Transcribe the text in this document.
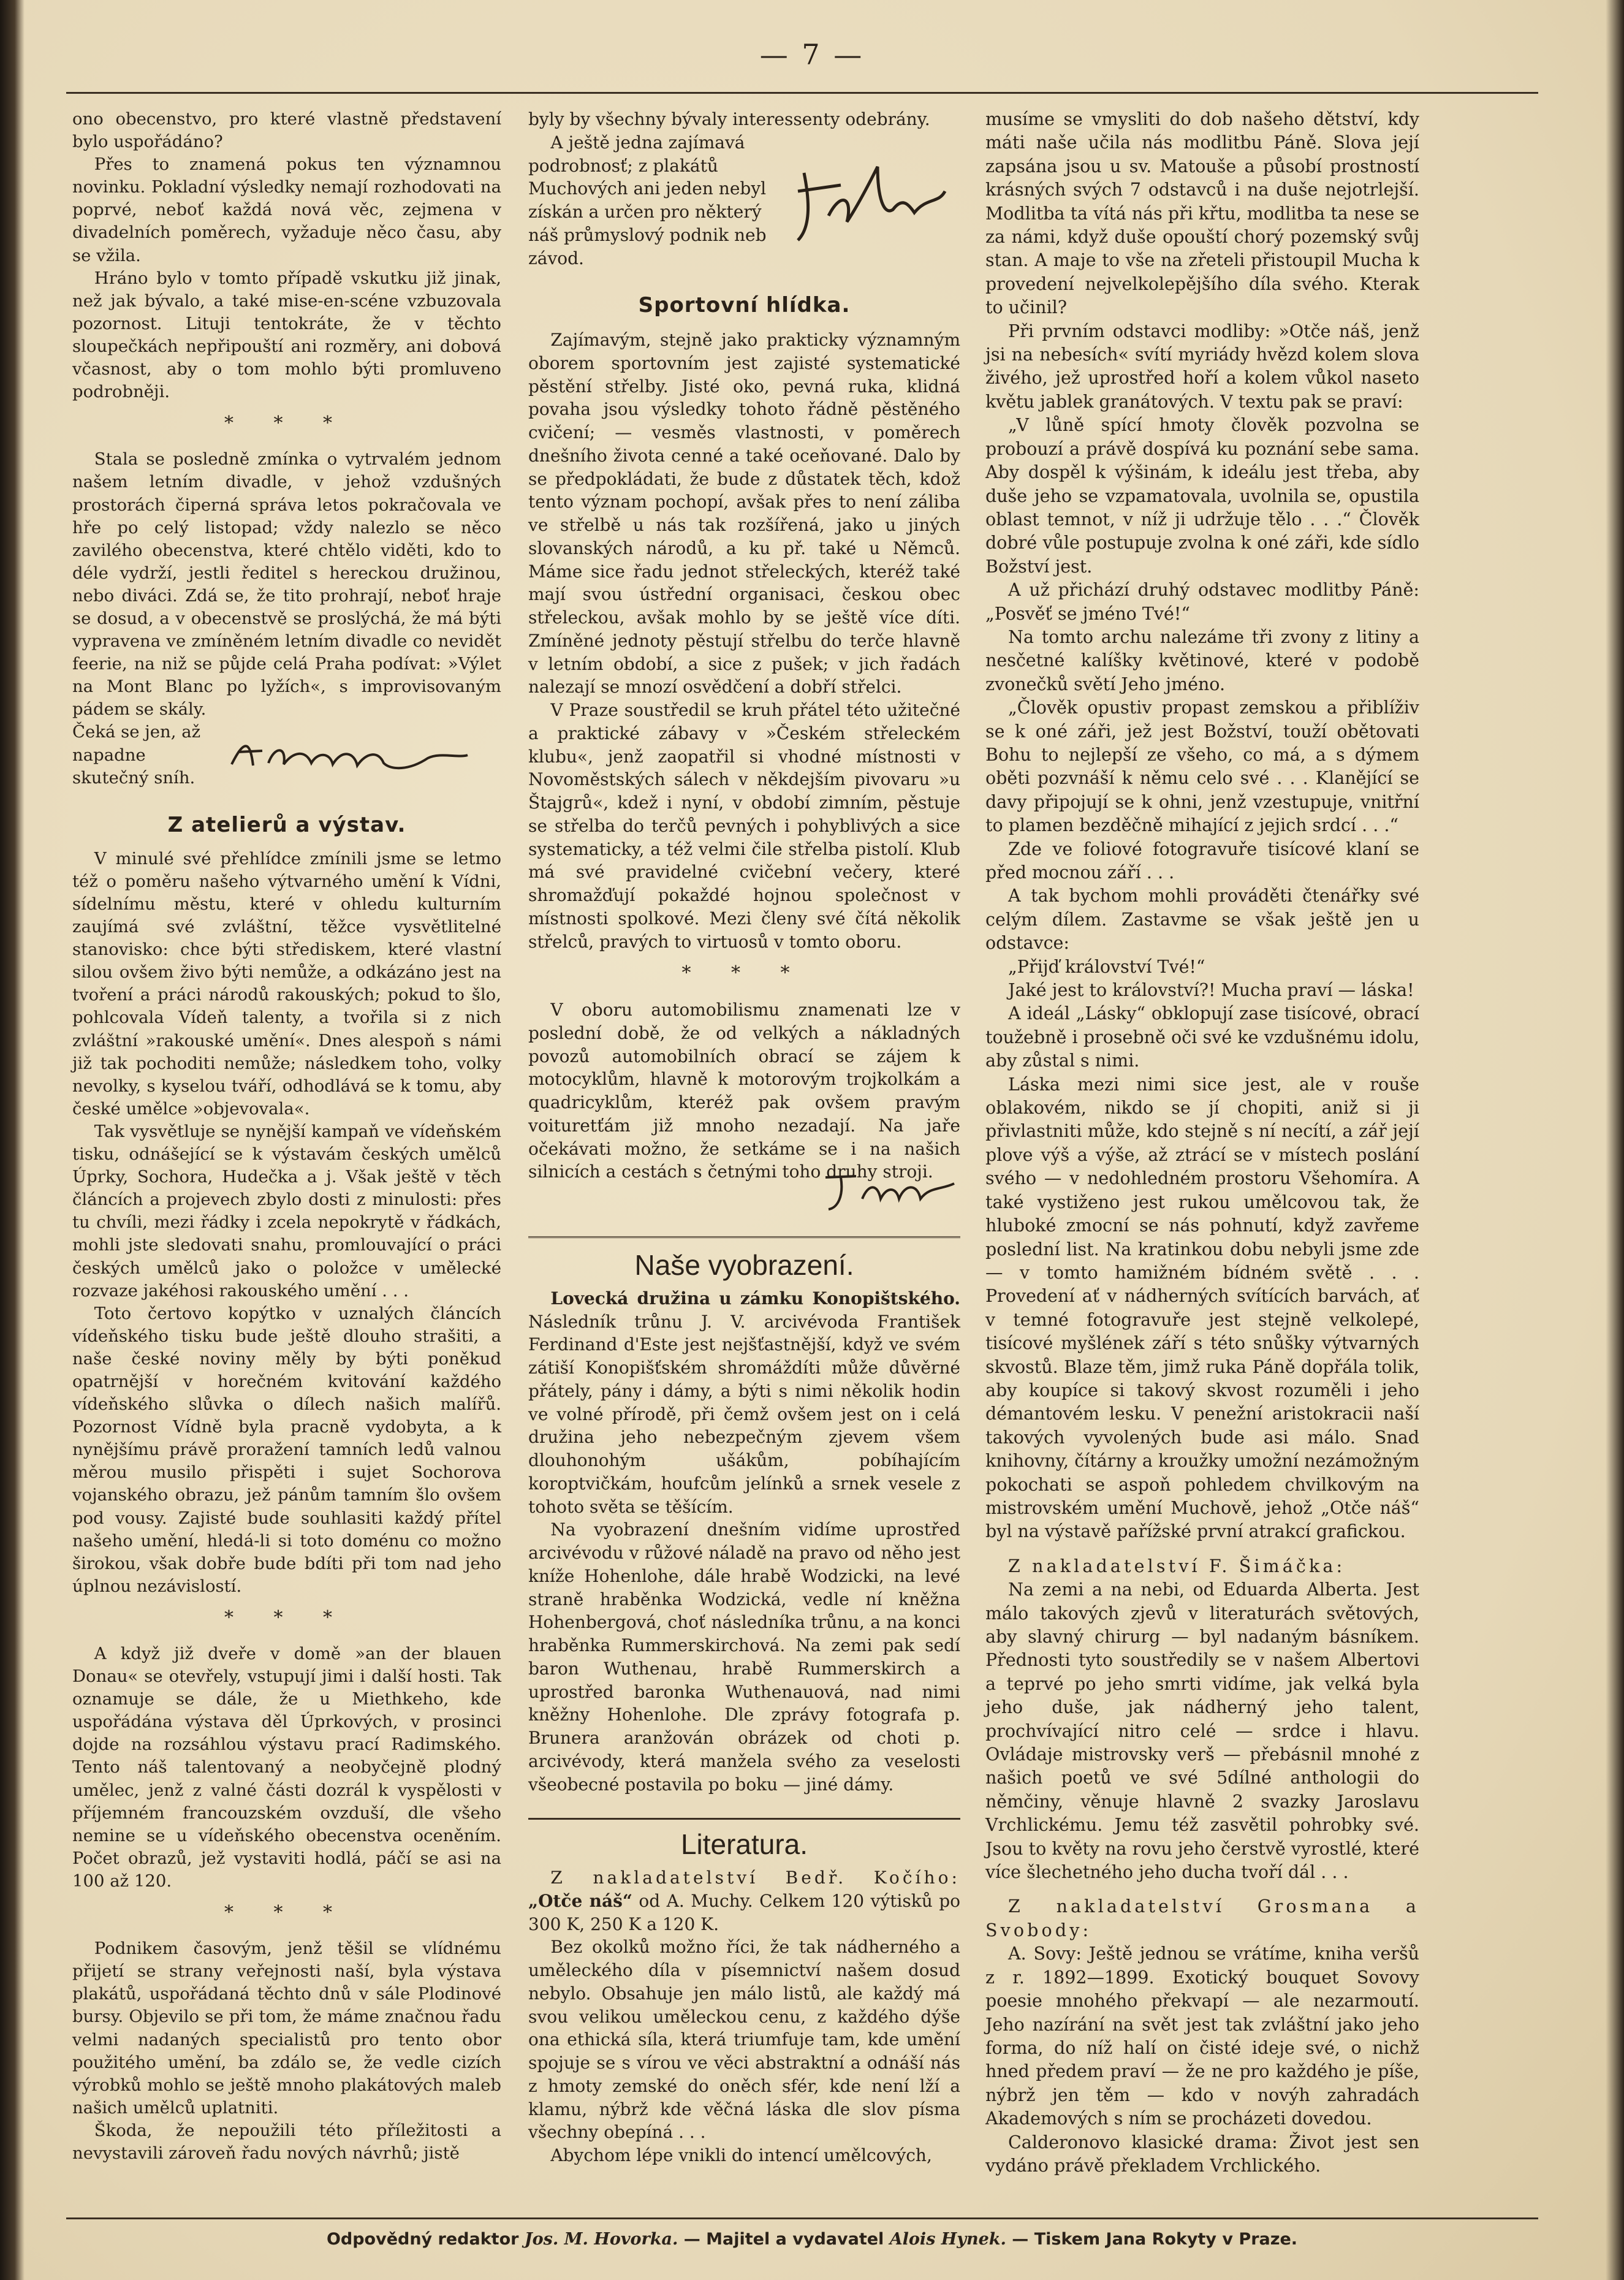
— 7 —

ono obecenstvo, pro které vlastně představení bylo uspořádáno?

Přes to znamená pokus ten významnou novinku. Pokladní výsledky nemají rozhodovati na poprvé, neboť každá nová věc, zejmena v divadelních poměrech, vyžaduje něco času, aby se vžila.

Hráno bylo v tomto případě vskutku již jinak, než jak bývalo, a také mise-en-scéne vzbuzovala pozornost. Lituji tentokráte, že v těchto sloupečkách nepřipouští ani rozměry, ani dobová včasnost, aby o tom mohlo býti promluveno podrobněji.

* * *

Stala se posledně zmínka o vytrvalém jednom našem letním divadle, v jehož vzdušných prostorách čiperná správa letos pokračovala ve hře po celý listopad; vždy nalezlo se něco zavilého obecenstva, které chtělo viděti, kdo to déle vydrží, jestli ředitel s hereckou družinou, nebo diváci. Zdá se, že tito prohrají, neboť hraje se dosud, a v obecenstvě se proslýchá, že má býti vypravena ve zmíněném letním divadle co nevidět feerie, na niž se půjde celá Praha podívat: »Výlet na Mont Blanc po lyžích«, s improvisovaným pádem se skály.

Čeká se jen, až napadne skutečný sníh.

Z atelierů a výstav.

V minulé své přehlídce zmínili jsme se letmo též o poměru našeho výtvarného umění k Vídni, sídelnímu městu, které v ohledu kulturním zaujímá své zvláštní, těžce vysvětlitelné stanovisko: chce býti střediskem, které vlastní silou ovšem živo býti nemůže, a odkázáno jest na tvoření a práci národů rakouských; pokud to šlo, pohlcovala Vídeň talenty, a tvořila si z nich zvláštní »rakouské umění«. Dnes alespoň s námi již tak pochoditi nemůže; následkem toho, volky nevolky, s kyselou tváří, odhodlává se k tomu, aby české umělce »objevovala«.

Tak vysvětluje se nynější kampaň ve vídeňském tisku, odnášející se k výstavám českých umělců Úprky, Sochora, Hudečka a j. Však ještě v těch článcích a projevech zbylo dosti z minulosti: přes tu chvíli, mezi řádky i zcela nepokrytě v řádkách, mohli jste sledovati snahu, promlouvající o práci českých umělců jako o položce v umělecké rozvaze jakéhosi rakouského umění . . .

Toto čertovo kopýtko v uznalých článcích vídeňského tisku bude ještě dlouho strašiti, a naše české noviny měly by býti poněkud opatrnější v horečném kvitování každého vídeňského slůvka o dílech našich malířů. Pozornost Vídně byla pracně vydobyta, a k nynějšímu právě proražení tamních ledů valnou měrou musilo přispěti i sujet Sochorova vojanského obrazu, jež pánům tamním šlo ovšem pod vousy. Zajisté bude souhlasiti každý přítel našeho umění, hledá-li si toto doménu co možno širokou, však dobře bude bdíti při tom nad jeho úplnou nezávislostí.

* * *

A když již dveře v domě »an der blauen Donau« se otevřely, vstupují jimi i další hosti. Tak oznamuje se dále, že u Miethkeho, kde uspořádána výstava děl Úprkových, v prosinci dojde na rozsáhlou výstavu prací Radimského. Tento náš talentovaný a neobyčejně plodný umělec, jenž z valné části dozrál k vyspělosti v příjemném francouzském ovzduší, dle všeho nemine se u vídeňského obecenstva oceněním. Počet obrazů, jež vystaviti hodlá, páčí se asi na 100 až 120.

* * *

Podnikem časovým, jenž těšil se vlídnému přijetí se strany veřejnosti naší, byla výstava plakátů, uspořádaná těchto dnů v sále Plodinové bursy. Objevilo se při tom, že máme značnou řadu velmi nadaných specialistů pro tento obor použitého umění, ba zdálo se, že vedle cizích výrobků mohlo se ještě mnoho plakátových maleb našich umělců uplatniti.

Škoda, že nepoužili této příležitosti a nevystavili zároveň řadu nových návrhů; jistě

byly by všechny bývaly interessenty odebrány.

A ještě jedna zajímavá podrobnosť; z plakátů Muchových ani jeden nebyl získán a určen pro některý náš průmyslový podnik neb závod.

Sportovní hlídka.

Zajímavým, stejně jako prakticky významným oborem sportovním jest zajisté systematické pěstění střelby. Jisté oko, pevná ruka, klidná povaha jsou výsledky tohoto řádně pěstěného cvičení; — vesměs vlastnosti, v poměrech dnešního života cenné a také oceňované. Dalo by se předpokládati, že bude z důstatek těch, kdož tento význam pochopí, avšak přes to není záliba ve střelbě u nás tak rozšířená, jako u jiných slovanských národů, a ku př. také u Němců. Máme sice řadu jednot střeleckých, kteréž také mají svou ústřední organisaci, českou obec střeleckou, avšak mohlo by se ještě více díti. Zmíněné jednoty pěstují střelbu do terče hlavně v letním období, a sice z pušek; v jich řadách nalezají se mnozí osvědčení a dobří střelci.

V Praze soustředil se kruh přátel této užitečné a praktické zábavy v »Českém střeleckém klubu«, jenž zaopatřil si vhodné místnosti v Novoměstských sálech v někdejším pivovaru »u Štajgrů«, kdež i nyní, v období zimním, pěstuje se střelba do terčů pevných i pohyblivých a sice systematicky, a též velmi čile střelba pistolí. Klub má své pravidelné cvičební večery, které shromažďují pokaždé hojnou společnost v místnosti spolkové. Mezi členy své čítá několik střelců, pravých to virtuosů v tomto oboru.

* * *

V oboru automobilismu znamenati lze v poslední době, že od velkých a nákladných povozů automobilních obrací se zájem k motocyklům, hlavně k motorovým trojkolkám a quadricyklům, kteréž pak ovšem pravým voituretťám již mnoho nezadají. Na jaře očekávati možno, že setkáme se i na našich silnicích a cestách s četnými toho druhy stroji.

Naše vyobrazení.

Lovecká družina u zámku Konopištského. Následník trůnu J. V. arcivévoda František Ferdinand d'Este jest nejšťastnější, když ve svém zátiší Konopišťském shromáždíti může důvěrné přátely, pány i dámy, a býti s nimi několik hodin ve volné přírodě, při čemž ovšem jest on i celá družina jeho nebezpečným zjevem všem dlouhonohým ušákům, pobíhajícím koroptvičkám, houfcům jelínků a srnek vesele z tohoto světa se těšícím.

Na vyobrazení dnešním vidíme uprostřed arcivévodu v růžové náladě na pravo od něho jest kníže Hohenlohe, dále hrabě Wodzicki, na levé straně hraběnka Wodzická, vedle ní kněžna Hohenbergová, choť následníka trůnu, a na konci hraběnka Rummerskirchová. Na zemi pak sedí baron Wuthenau, hrabě Rummerskirch a uprostřed baronka Wuthenauová, nad nimi kněžny Hohenlohe. Dle zprávy fotografa p. Brunera aranžován obrázek od choti p. arcivévody, která manžela svého za veselosti všeobecné postavila po boku — jiné dámy.

Literatura.

Z nakladatelství Bedř. Kočího: „Otče náš“ od A. Muchy. Celkem 120 výtisků po 300 K, 250 K a 120 K.

Bez okolků možno říci, že tak nádherného a uměleckého díla v písemnictví našem dosud nebylo. Obsahuje jen málo listů, ale každý má svou velikou uměleckou cenu, z každého dýše ona ethická síla, která triumfuje tam, kde umění spojuje se s vírou ve věci abstraktní a odnáší nás z hmoty zemské do oněch sfér, kde není lží a klamu, nýbrž kde věčná láska dle slov písma všechny obepíná . . .

Abychom lépe vnikli do intencí umělcových,

musíme se vmysliti do dob našeho dětství, kdy máti naše učila nás modlitbu Páně. Slova její zapsána jsou u sv. Matouše a působí prostností krásných svých 7 odstavců i na duše nejotrlejší. Modlitba ta vítá nás při křtu, modlitba ta nese se za námi, když duše opouští chorý pozemský svůj stan. A maje to vše na zřeteli přistoupil Mucha k provedení nejvelkolepějšího díla svého. Kterak to učinil?

Při prvním odstavci modliby: »Otče náš, jenž jsi na nebesích« svítí myriády hvězd kolem slova živého, jež uprostřed hoří a kolem vůkol naseto květu jablek granátových. V textu pak se praví:

„V lůně spící hmoty člověk pozvolna se probouzí a právě dospívá ku poznání sebe sama. Aby dospěl k výšinám, k ideálu jest třeba, aby duše jeho se vzpamatovala, uvolnila se, opustila oblast temnot, v níž ji udržuje tělo . . .“ Člověk dobré vůle postupuje zvolna k oné záři, kde sídlo Božství jest.

A už přichází druhý odstavec modlitby Páně: „Posvěť se jméno Tvé!“

Na tomto archu nalezáme tři zvony z litiny a nesčetné kalíšky květinové, které v podobě zvonečků světí Jeho jméno.

„Člověk opustiv propast zemskou a přiblíživ se k oné záři, jež jest Božství, touží obětovati Bohu to nejlepší ze všeho, co má, a s dýmem oběti pozvnáší k němu celo své . . . Klanějící se davy připojují se k ohni, jenž vzestupuje, vnitřní to plamen bezděčně mihající z jejich srdcí . . .“

Zde ve foliové fotogravuře tisícové klaní se před mocnou září . . .

A tak bychom mohli prováděti čtenářky své celým dílem. Zastavme se však ještě jen u odstavce:

„Přijď království Tvé!“

Jaké jest to království?! Mucha praví — láska!

A ideál „Lásky“ obklopují zase tisícové, obrací toužebně i prosebně oči své ke vzdušnému idolu, aby zůstal s nimi.

Láska mezi nimi sice jest, ale v rouše oblakovém, nikdo se jí chopiti, aniž si ji přivlastniti může, kdo stejně s ní necítí, a zář její plove výš a výše, až ztrácí se v místech poslání svého — v nedohledném prostoru Všehomíra. A také vystiženo jest rukou umělcovou tak, že hluboké zmocní se nás pohnutí, když zavřeme poslední list. Na kratinkou dobu nebyli jsme zde — v tomto hamižném bídném světě . . . Provedení ať v nádherných svítících barvách, ať v temné fotogravuře jest stejně velkolepé, tisícové myšlének září s této snůšky výtvarných skvostů. Blaze těm, jimž ruka Páně dopřála tolik, aby koupíce si takový skvost rozuměli i jeho démantovém lesku. V penežní aristokracii naší takových vyvolených bude asi málo. Snad knihovny, čítárny a kroužky umožní nezámožným pokochati se aspoň pohledem chvilkovým na mistrovském umění Muchově, jehož „Otče náš“ byl na výstavě pařížské první atrakcí grafickou.

Z nakladatelství F. Šimáčka:

Na zemi a na nebi, od Eduarda Alberta. Jest málo takových zjevů v literaturách světových, aby slavný chirurg — byl nadaným básníkem. Přednosti tyto soustředily se v našem Albertovi a teprvé po jeho smrti vidíme, jak velká byla jeho duše, jak nádherný jeho talent, prochvívající nitro celé — srdce i hlavu. Ovládaje mistrovsky verš — přebásnil mnohé z našich poetů ve své 5dílné anthologii do němčiny, věnuje hlavně 2 svazky Jaroslavu Vrchlickému. Jemu též zasvětil pohrobky své. Jsou to květy na rovu jeho čerstvě vyrostlé, které více šlechetného jeho ducha tvoří dál . . .

Z nakladatelství Grosmana a Svobody:

A. Sovy: Ještě jednou se vrátíme, kniha veršů z r. 1892—1899. Exotický bouquet Sovovy poesie mnohého překvapí — ale nezarmoutí. Jeho nazírání na svět jest tak zvláštní jako jeho forma, do níž halí on čisté ideje své, o nichž hned předem praví — že ne pro každého je píše, nýbrž jen těm — kdo v novýh zahradách Akademových s ním se procházeti dovedou.

Calderonovo klasické drama: Život jest sen vydáno právě překladem Vrchlického.

Odpovědný redaktor Jos. M. Hovorka. — Majitel a vydavatel Alois Hynek. — Tiskem Jana Rokyty v Praze.
